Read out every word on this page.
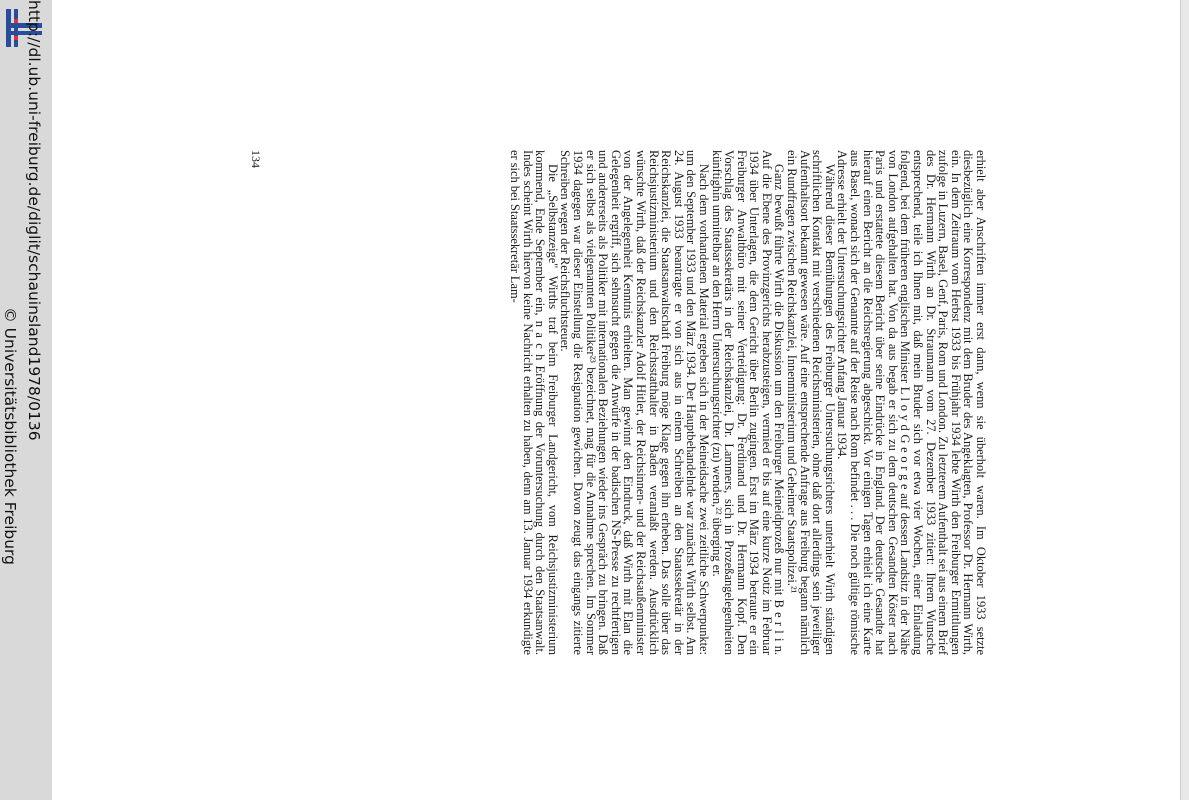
http://dl.ub.uni-freiburg.de/diglit/schauinsland1978/0136
© Universitätsbibliothek Freiburg	erhielt aber Anschriften immer erst dann, wenn sie überholt waren. Im Oktober 1933 setzte diesbezüglich eine Korrespondenz mit dem Bruder des Angeklagten, Professor Dr. Hermann Wirth, ein. In dem Zeitraum vom Herbst 1933 bis Frühjahr 1934 lebte Wirth den Freiburger Ermittlungen zufolge in Luzern, Basel, Genf, Paris, Rom und London. Zu letzterem Aufenthalt sei aus einem Brief des Dr. Hermann Wirth an Dr. Straumann vom 27. Dezember 1933 zitiert: Ihrem Wunsche entsprechend, teile ich Ihnen mit, daß mein Bruder sich vor etwa vier Wochen, einer Einladung folgend, bei dem früheren englischen Minister L l o y d G e o r g e auf dessen Landsitz in der Nähe von London aufgehalten hat. Von da aus begab er sich zu dem deutschen Gesandten Köster nach Paris und erstattete diesem Bericht über seine Eindrücke in England. Der deutsche Gesandte hat hierauf einen Bericht an die Reichsregierung abgeschickt. Vor einigen Tagen erhielt ich eine Karte aus Basel, wonach sich der Genannte auf der Reise nach Rom befindet . . . Die noch gültige römische Adresse erhielt der Untersuchungsrichter Anfang Januar 1934.

Während dieser Bemühungen des Freiburger Untersuchungsrichters unterhielt Wirth ständigen schriftlichen Kontakt mit verschiedenen Reichsministerien, ohne daß dort allerdings sein jeweiliger Aufenthaltsort bekannt gewesen wäre. Auf eine entsprechende Anfrage aus Freiburg begann nämlich ein Rundfragen zwischen Reichskanzlei, Innenministerium und Geheimer Staatspolizei.²¹

Ganz bewußt führte Wirth die Diskussion um den Freiburger Meineidprozeß nur mit B e r l i n. Auf die Ebene des Provinzgerichts herabzusteigen, vermied er bis auf eine kurze Notiz im Februar 1934 über Unterlagen, die dem Gericht über Berlin zugingen. Erst im März 1934 betraute er ein Freiburger Anwaltbüro mit seiner Verteidigung: Dr. Ferdinand und Dr. Hermann Kopf. Den Vorschlag des Staatssekretärs in der Reichskanzlei, Dr. Lammers, sich in Prozeßangelegenheiten künftighin unmittelbar an den Herrn Untersuchungsrichter (zu) wenden,²² überging er.

Nach dem vorhandenen Material ergeben sich in der Meineidsache zwei zeitliche Schwerpunkte: um den September 1933 und den März 1934. Der Hauptbehandelnde war zunächst Wirth selbst. Am 24. August 1933 beantragte er von sich aus in einem Schreiben an den Staatssekretär in der Reichskanzlei, die Staatsanwaltschaft Freiburg möge Klage gegen ihn erheben. Das solle über das Reichsjustizministerium und den Reichsstatthalter in Baden veranlaßt werden. Ausdrücklich wünschte Wirth, daß der Reichskanzler Adolf Hitler, der Reichsinnen- und der Reichsaußenminister von der Angelegenheit Kenntnis erhielten. Man gewinnt den Eindruck, daß Wirth mit Elan die Gelegenheit ergriff, sich sehnsucht gegen die Anwürfe in der badischen NS-Presse zu rechtfertigen und andererseits als Politiker mit internationalen Beziehungen wieder ins Gespräch zu bringen. Daß er sich selbst als vielgenannten Politiker²³ bezeichnet, mag für die Annahme sprechen. Im Sommer 1934 dagegen war dieser Einstellung die Resignation gewichen. Davon zeugt das eingangs zitierte Schreiben wegen der Reichsfluchtsteuer.

Die „Selbstanzeige" Wirths traf beim Freiburger Landgericht, vom Reichsjustizministerium kommend, Ende September ein, n a c h Eröffnung der Voruntersuchung durch den Staatsanwalt. Indes scheint Wirth hiervon keine Nachricht erhalten zu haben, denn am 13. Januar 1934 erkundigte er sich bei Staatssekretär Lam-

134
